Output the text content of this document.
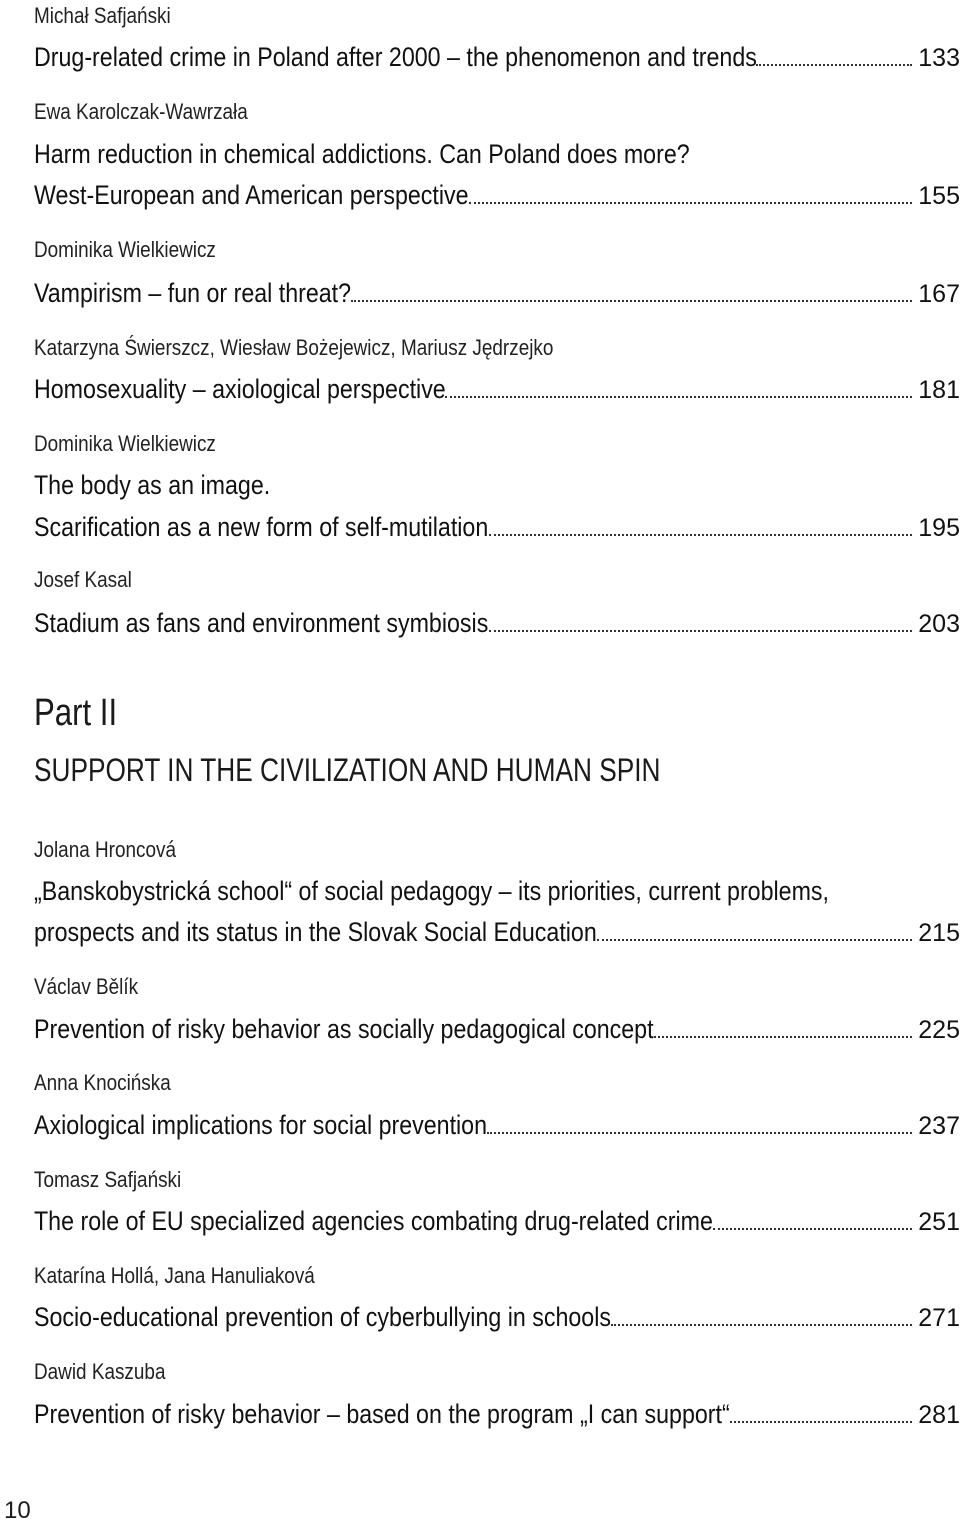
Michał Safjański
Drug-related crime in Poland after 2000 – the phenomenon and trends	133
Ewa Karolczak-Wawrzała
Harm reduction in chemical addictions. Can Poland does more?
West-European and American perspective	155
Dominika Wielkiewicz
Vampirism – fun or real threat?	167
Katarzyna Świerszcz, Wiesław Bożejewicz, Mariusz Jędrzejko
Homosexuality – axiological perspective	181
Dominika Wielkiewicz
The body as an image.
Scarification as a new form of self-mutilation	195
Josef Kasal
Stadium as fans and environment symbiosis	203
Part II
SUPPORT IN THE CIVILIZATION AND HUMAN SPIN
Jolana Hroncová
„Banskobystrická school“ of social pedagogy – its priorities, current problems,
prospects and its status in the Slovak Social Education	215
Václav Bělík
Prevention of risky behavior as socially pedagogical concept	225
Anna Knocińska
Axiological implications for social prevention	237
Tomasz Safjański
The role of EU specialized agencies combating drug-related crime	251
Katarína Hollá, Jana Hanuliaková
Socio-educational prevention of cyberbullying in schools	271
Dawid Kaszuba
Prevention of risky behavior – based on the program „I can support“	281
10
